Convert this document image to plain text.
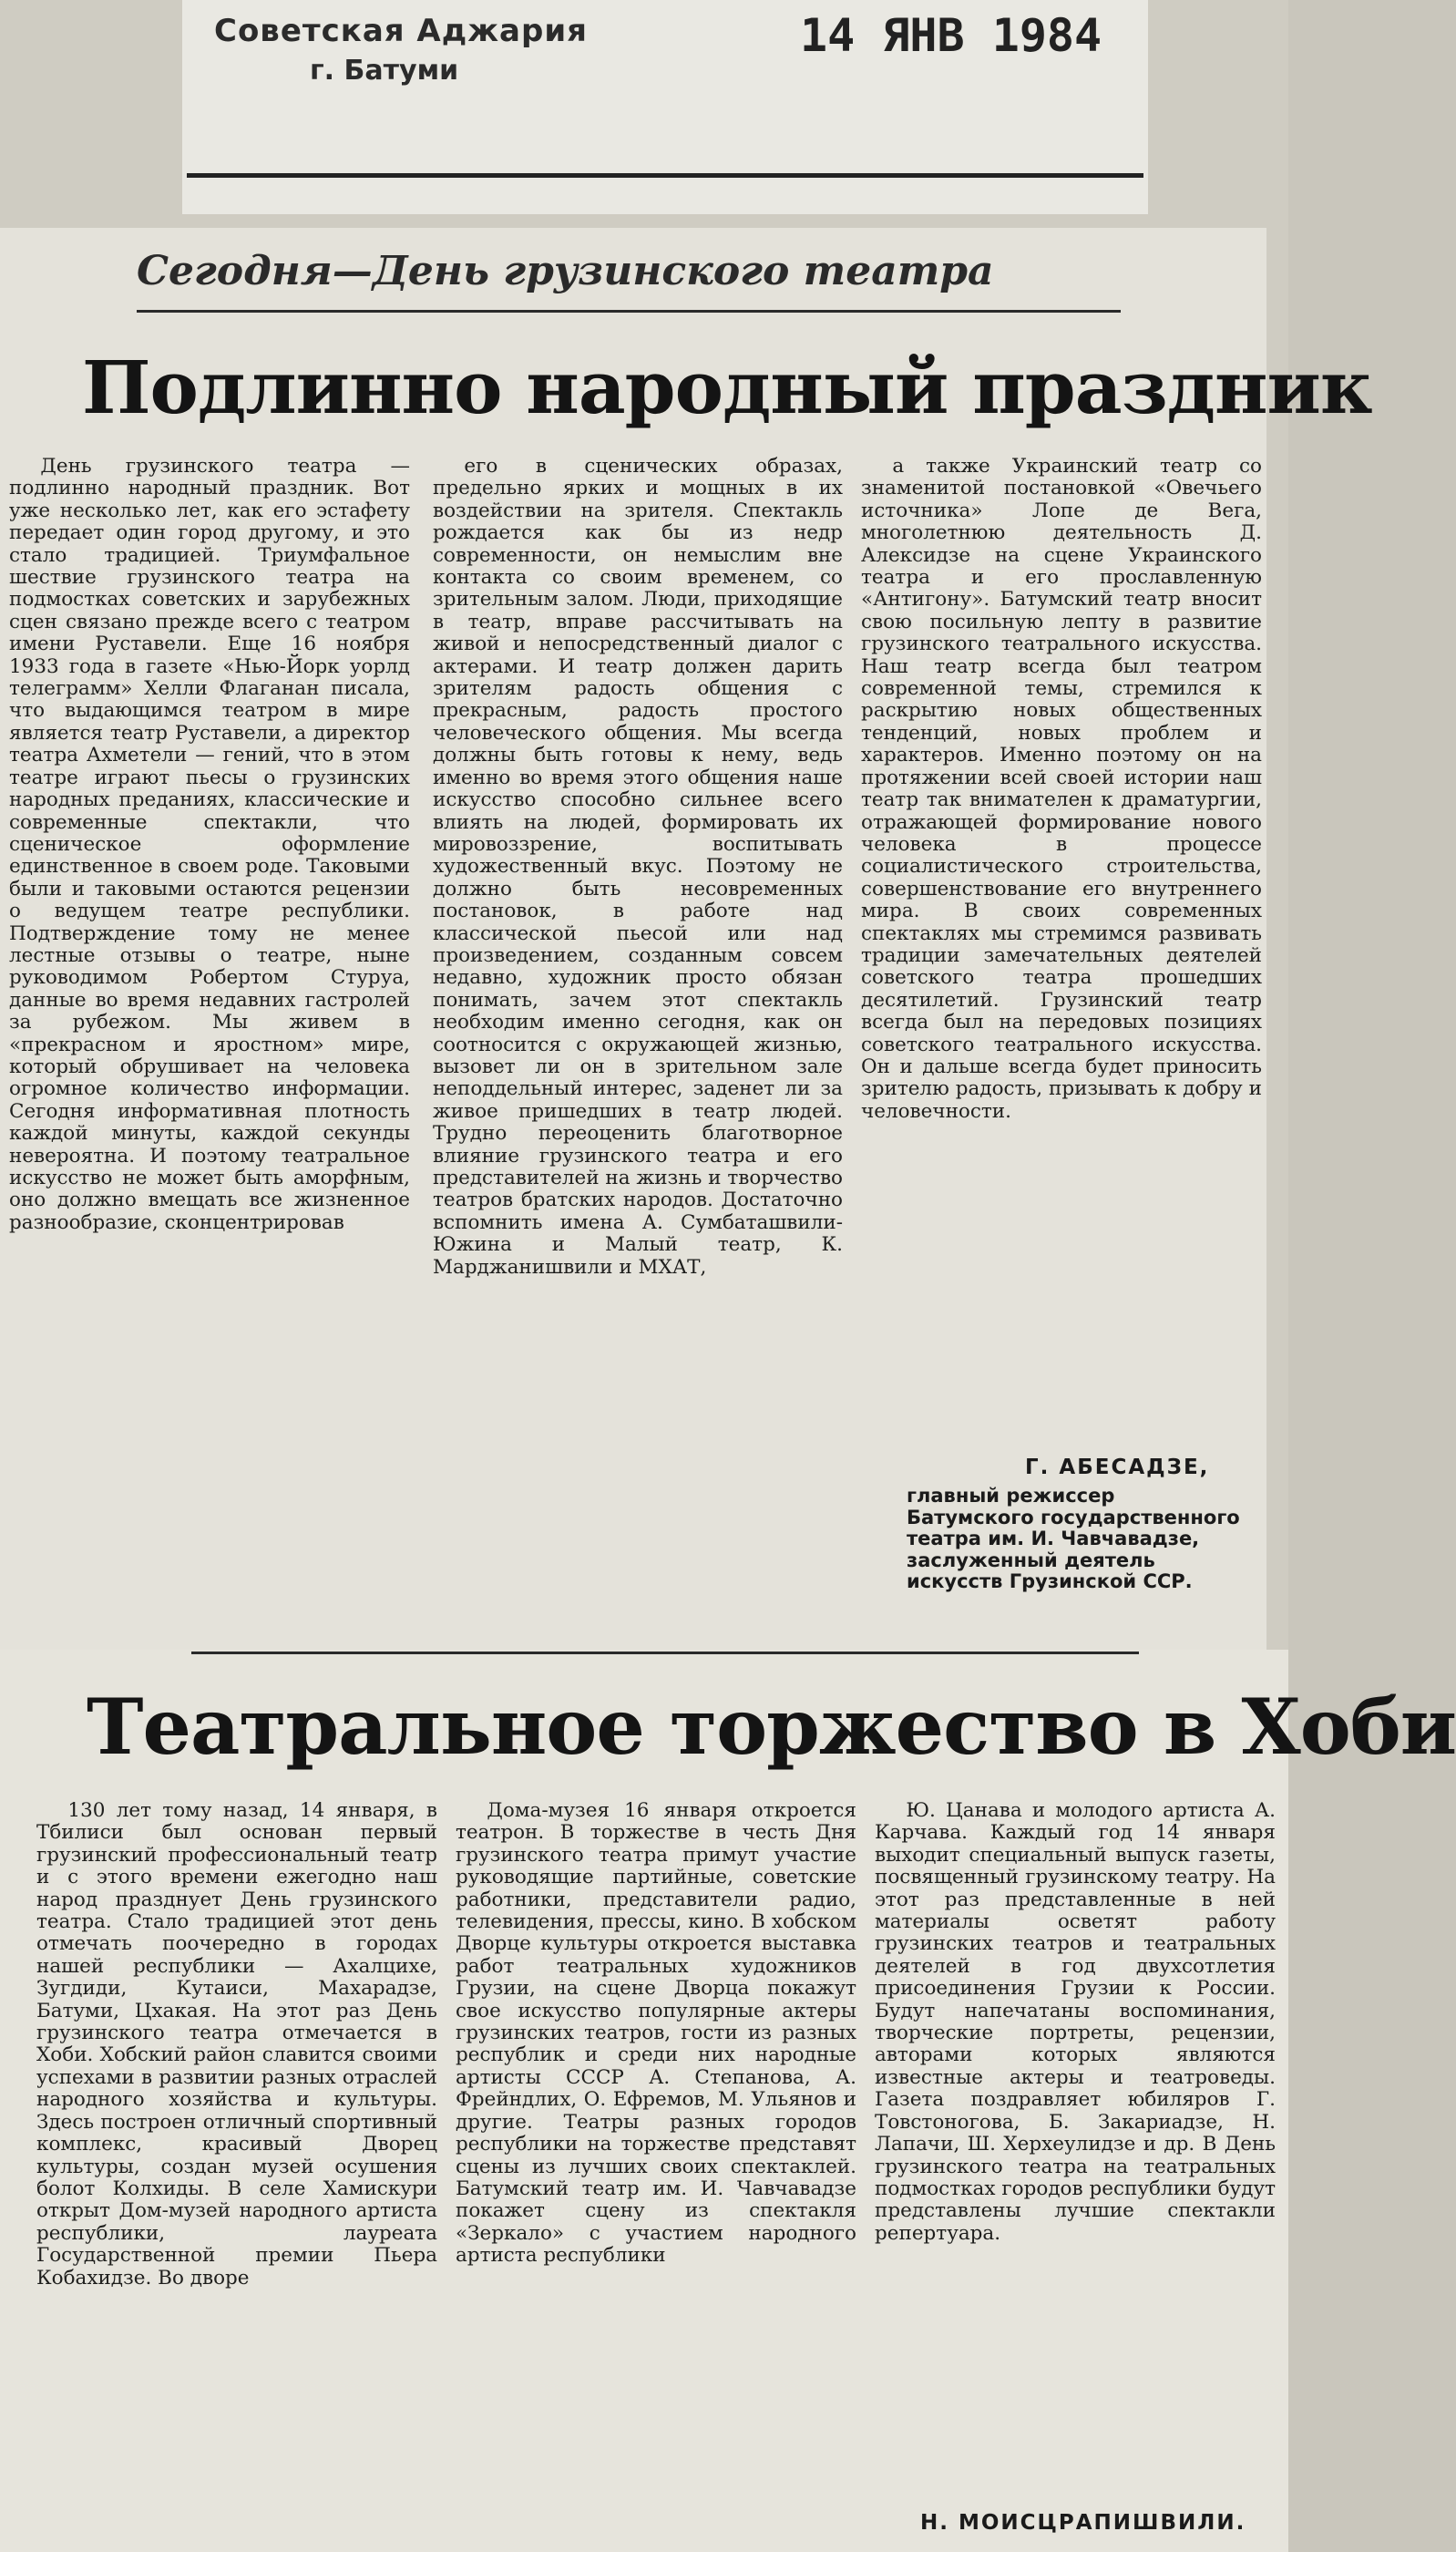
Советская Аджария
г. Батуми
14 ЯНВ 1984
Сегодня—День грузинского театра
Подлинно народный праздник

День грузинского театра — подлинно народный праздник. Вот уже несколько лет, как его эстафету передает один город другому, и это стало традицией. Триумфальное шествие грузинского театра на подмостках советских и зарубежных сцен связано прежде всего с театром имени Руставели. Еще 16 ноября 1933 года в газете «Нью-Йорк уорлд телеграмм» Хелли Флаганан писала, что выдающимся театром в мире является театр Руставели, а директор театра Ахметели — гений, что в этом театре играют пьесы о грузинских народных преданиях, классические и современные спектакли, что сценическое оформление единственное в своем роде. Таковыми были и таковыми остаются рецензии о ведущем театре республики. Подтверждение тому не менее лестные отзывы о театре, ныне руководимом Робертом Стуруа, данные во время недавних гастролей за рубежом. Мы живем в «прекрасном и яростном» мире, который обрушивает на человека огромное количество информации. Сегодня информативная плотность каждой минуты, каждой секунды невероятна. И поэтому театральное искусство не может быть аморфным, оно должно вмещать все жизненное разнообразие, сконцентрировав

его в сценических образах, предельно ярких и мощных в их воздействии на зрителя. Спектакль рождается как бы из недр современности, он немыслим вне контакта со своим временем, со зрительным залом. Люди, приходящие в театр, вправе рассчитывать на живой и непосредственный диалог с актерами. И театр должен дарить зрителям радость общения с прекрасным, радость простого человеческого общения. Мы всегда должны быть готовы к нему, ведь именно во время этого общения наше искусство способно сильнее всего влиять на людей, формировать их мировоззрение, воспитывать художественный вкус. Поэтому не должно быть несовременных постановок, в работе над классической пьесой или над произведением, созданным совсем недавно, художник просто обязан понимать, зачем этот спектакль необходим именно сегодня, как он соотносится с окружающей жизнью, вызовет ли он в зрительном зале неподдельный интерес, заденет ли за живое пришедших в театр людей. Трудно переоценить благотворное влияние грузинского театра и его представителей на жизнь и творчество театров братских народов. Достаточно вспомнить имена А. Сумбаташвили-Южина и Малый театр, К. Марджанишвили и МХАТ,

а также Украинский театр со знаменитой постановкой «Овечьего источника» Лопе де Вега, многолетнюю деятельность Д. Алексидзе на сцене Украинского театра и его прославленную «Антигону». Батумский театр вносит свою посильную лепту в развитие грузинского театрального искусства. Наш театр всегда был театром современной темы, стремился к раскрытию новых общественных тенденций, новых проблем и характеров. Именно поэтому он на протяжении всей своей истории наш театр так внимателен к драматургии, отражающей формирование нового человека в процессе социалистического строительства, совершенствование его внутреннего мира. В своих современных спектаклях мы стремимся развивать традиции замечательных деятелей советского театра прошедших десятилетий. Грузинский театр всегда был на передовых позициях советского театрального искусства. Он и дальше всегда будет приносить зрителю радость, призывать к добру и человечности.

Г. АБЕСАДЗЕ,
главный режиссер Батумского государственного театра им. И. Чавчавадзе, заслуженный деятель искусств Грузинской ССР.
Театральное торжество в Хоби

130 лет тому назад, 14 января, в Тбилиси был основан первый грузинский профессиональный театр и с этого времени ежегодно наш народ празднует День грузинского театра. Стало традицией этот день отмечать поочередно в городах нашей республики — Ахалцихе, Зугдиди, Кутаиси, Махарадзе, Батуми, Цхакая. На этот раз День грузинского театра отмечается в Хоби. Хобский район славится своими успехами в развитии разных отраслей народного хозяйства и культуры. Здесь построен отличный спортивный комплекс, красивый Дворец культуры, создан музей осушения болот Колхиды. В селе Хамискури открыт Дом-музей народного артиста республики, лауреата Государственной премии Пьера Кобахидзе. Во дворе

Дома-музея 16 января откроется театрон. В торжестве в честь Дня грузинского театра примут участие руководящие партийные, советские работники, представители радио, телевидения, прессы, кино. В хобском Дворце культуры откроется выставка работ театральных художников Грузии, на сцене Дворца покажут свое искусство популярные актеры грузинских театров, гости из разных республик и среди них народные артисты СССР А. Степанова, А. Фрейндлих, О. Ефремов, М. Ульянов и другие. Театры разных городов республики на торжестве представят сцены из лучших своих спектаклей. Батумский театр им. И. Чавчавадзе покажет сцену из спектакля «Зеркало» с участием народного артиста республики

Ю. Цанава и молодого артиста А. Карчава. Каждый год 14 января выходит специальный выпуск газеты, посвященный грузинскому театру. На этот раз представленные в ней материалы осветят работу грузинских театров и театральных деятелей в год двухсотлетия присоединения Грузии к России. Будут напечатаны воспоминания, творческие портреты, рецензии, авторами которых являются известные актеры и театроведы. Газета поздравляет юбиляров Г. Товстоногова, Б. Закариадзе, Н. Лапачи, Ш. Херхеулидзе и др. В День грузинского театра на театральных подмостках городов республики будут представлены лучшие спектакли репертуара.

Н. МОИСЦРАПИШВИЛИ.
